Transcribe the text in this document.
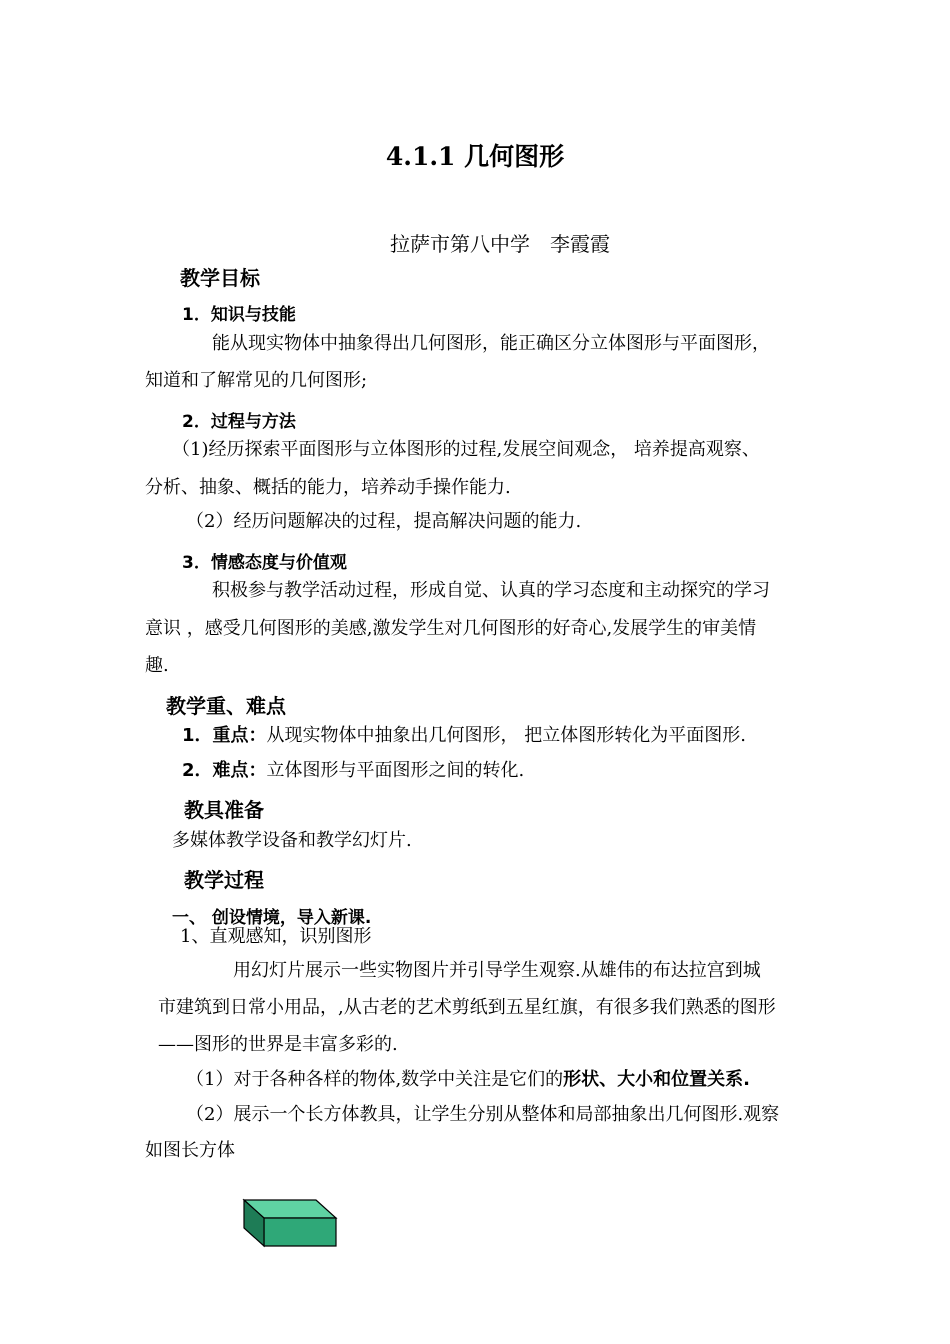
4.1.1 几何图形
拉萨市第八中学　李霞霞
教学目标
1．知识与技能
能从现实物体中抽象得出几何图形，能正确区分立体图形与平面图形，
知道和了解常见的几何图形;
2．过程与方法
（1)经历探索平面图形与立体图形的过程,发展空间观念， 培养提高观察、
分析、抽象、概括的能力，培养动手操作能力.
（2）经历问题解决的过程，提高解决问题的能力.
3．情感态度与价值观
积极参与教学活动过程，形成自觉、认真的学习态度和主动探究的学习
意识 ，感受几何图形的美感,激发学生对几何图形的好奇心,发展学生的审美情
趣.
教学重、难点
1．重点：从现实物体中抽象出几何图形， 把立体图形转化为平面图形.
2．难点：立体图形与平面图形之间的转化.
教具准备
多媒体教学设备和教学幻灯片.
教学过程
一、 创设情境，导入新课.
1、直观感知，识别图形
用幻灯片展示一些实物图片并引导学生观察.从雄伟的布达拉宫到城
市建筑到日常小用品，,从古老的艺术剪纸到五星红旗，有很多我们熟悉的图形
——图形的世界是丰富多彩的.
（1）对于各种各样的物体,数学中关注是它们的形状、大小和位置关系.
（2）展示一个长方体教具，让学生分别从整体和局部抽象出几何图形.观察
如图长方体
